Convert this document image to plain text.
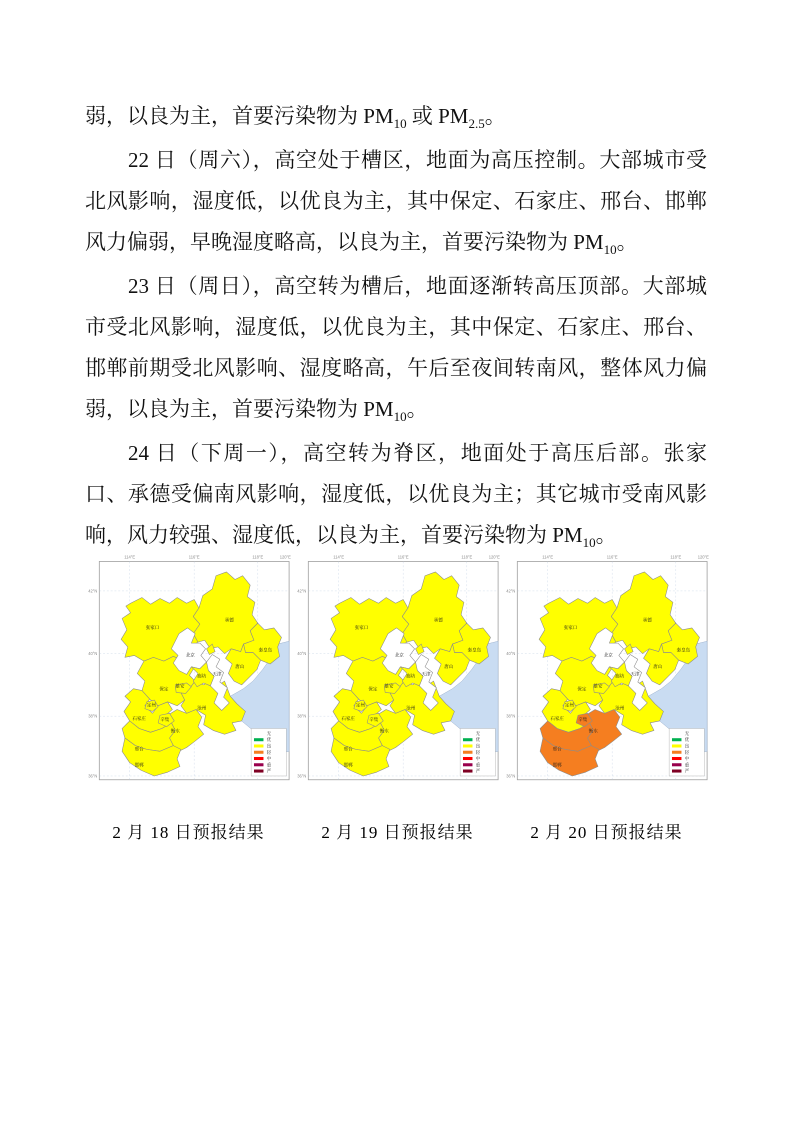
弱，以良为主，首要污染物为 $PM_{10}$ 或 $PM_{2.5}$。

22 日（周六），高空处于槽区，地面为高压控制。大部城市受北风影响，湿度低，以优良为主，其中保定、石家庄、邢台、邯郸风力偏弱，早晚湿度略高，以良为主，首要污染物为 $PM_{10}$。

23 日（周日），高空转为槽后，地面逐渐转高压顶部。大部城市受北风影响，湿度低，以优良为主，其中保定、石家庄、邢台、邯郸前期受北风影响、湿度略高，午后至夜间转南风，整体风力偏弱，以良为主，首要污染物为 $PM_{10}$。

24 日（下周一），高空转为脊区，地面处于高压后部。张家口、承德受偏南风影响，湿度低，以优良为主；其它城市受南风影响，风力较强、湿度低，以良为主，首要污染物为 $PM_{10}$。

114°E	116°E	118°E	120°E
42°N
40°N
38°N
36°N
张家口
承德
秦皇岛
唐山
保定
沧州
石家庄
衡水
邢台
邯郸
北京
天津
廊坊
雄安
定州
辛集
无
优
良
轻
中
重
严
2 月 18 日预报结果
114°E	116°E	118°E	120°E
42°N
40°N
38°N
36°N
张家口
承德
秦皇岛
唐山
保定
沧州
石家庄
衡水
邢台
邯郸
北京
天津
廊坊
雄安
定州
辛集
无
优
良
轻
中
重
严
2 月 19 日预报结果
114°E	116°E	118°E	120°E
42°N
40°N
38°N
36°N
张家口
承德
秦皇岛
唐山
保定
沧州
石家庄
衡水
邢台
邯郸
北京
天津
廊坊
雄安
定州
辛集
无
优
良
轻
中
重
严
2 月 20 日预报结果
